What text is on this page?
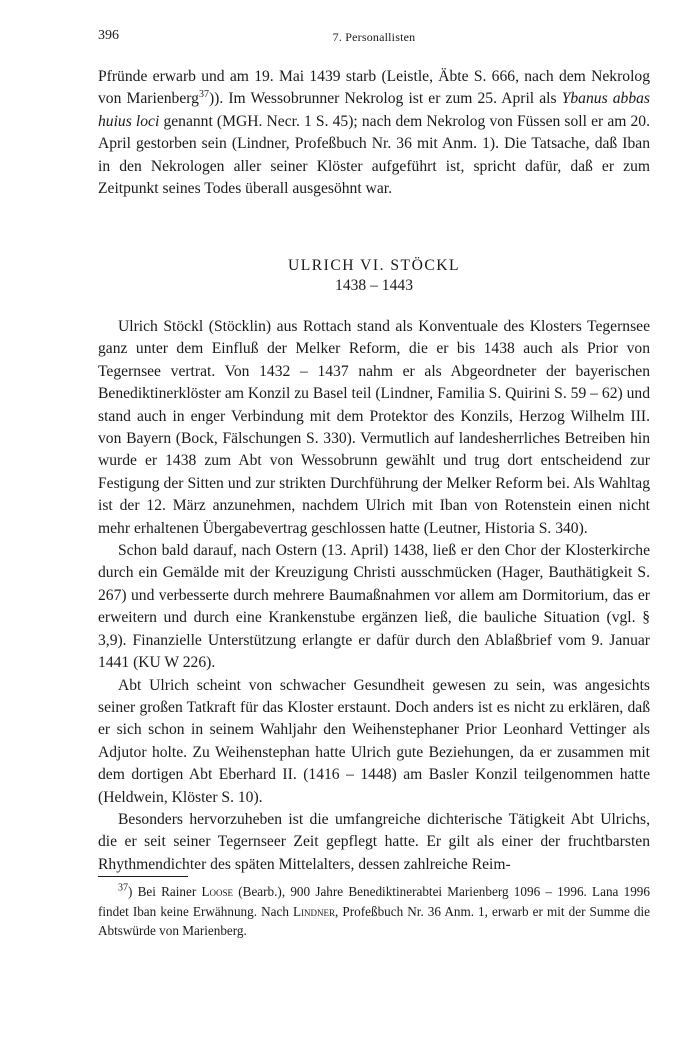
396	7. Personallisten

Pfründe erwarb und am 19. Mai 1439 starb (Leistle, Äbte S. 666, nach dem Nekrolog von Marienberg$^{37}$)). Im Wessobrunner Nekrolog ist er zum 25. April als Ybanus abbas huius loci genannt (MGH. Necr. 1 S. 45); nach dem Nekrolog von Füssen soll er am 20. April gestorben sein (Lindner, Profeßbuch Nr. 36 mit Anm. 1). Die Tatsache, daß Iban in den Nekrologen aller seiner Klöster aufgeführt ist, spricht dafür, daß er zum Zeitpunkt seines Todes überall ausgesöhnt war.

ULRICH VI. STÖCKL
1438 – 1443

Ulrich Stöckl (Stöcklin) aus Rottach stand als Konventuale des Klosters Tegernsee ganz unter dem Einfluß der Melker Reform, die er bis 1438 auch als Prior von Tegernsee vertrat. Von 1432 – 1437 nahm er als Abgeordneter der bayerischen Benediktinerklöster am Konzil zu Basel teil (Lindner, Familia S. Quirini S. 59 – 62) und stand auch in enger Verbindung mit dem Protektor des Konzils, Herzog Wilhelm III. von Bayern (Bock, Fälschungen S. 330). Vermutlich auf landesherrliches Betreiben hin wurde er 1438 zum Abt von Wessobrunn gewählt und trug dort entscheidend zur Festigung der Sitten und zur strikten Durchführung der Melker Reform bei. Als Wahltag ist der 12. März anzunehmen, nachdem Ulrich mit Iban von Rotenstein einen nicht mehr erhaltenen Übergabevertrag geschlossen hatte (Leutner, Historia S. 340).

Schon bald darauf, nach Ostern (13. April) 1438, ließ er den Chor der Klosterkirche durch ein Gemälde mit der Kreuzigung Christi ausschmücken (Hager, Bauthätigkeit S. 267) und verbesserte durch mehrere Baumaßnahmen vor allem am Dormitorium, das er erweitern und durch eine Krankenstube ergänzen ließ, die bauliche Situation (vgl. § 3,9). Finanzielle Unterstützung erlangte er dafür durch den Ablaßbrief vom 9. Januar 1441 (KU W 226).

Abt Ulrich scheint von schwacher Gesundheit gewesen zu sein, was angesichts seiner großen Tatkraft für das Kloster erstaunt. Doch anders ist es nicht zu erklären, daß er sich schon in seinem Wahljahr den Weihenstephaner Prior Leonhard Vettinger als Adjutor holte. Zu Weihenstephan hatte Ulrich gute Beziehungen, da er zusammen mit dem dortigen Abt Eberhard II. (1416 – 1448) am Basler Konzil teilgenommen hatte (Heldwein, Klöster S. 10).

Besonders hervorzuheben ist die umfangreiche dichterische Tätigkeit Abt Ulrichs, die er seit seiner Tegernseer Zeit gepflegt hatte. Er gilt als einer der fruchtbarsten Rhythmendichter des späten Mittelalters, dessen zahlreiche Reim-

$^{37}$) Bei Rainer Loose (Bearb.), 900 Jahre Benediktinerabtei Marienberg 1096 – 1996. Lana 1996 findet Iban keine Erwähnung. Nach Lindner, Profeßbuch Nr. 36 Anm. 1, erwarb er mit der Summe die Abtswürde von Marienberg.
